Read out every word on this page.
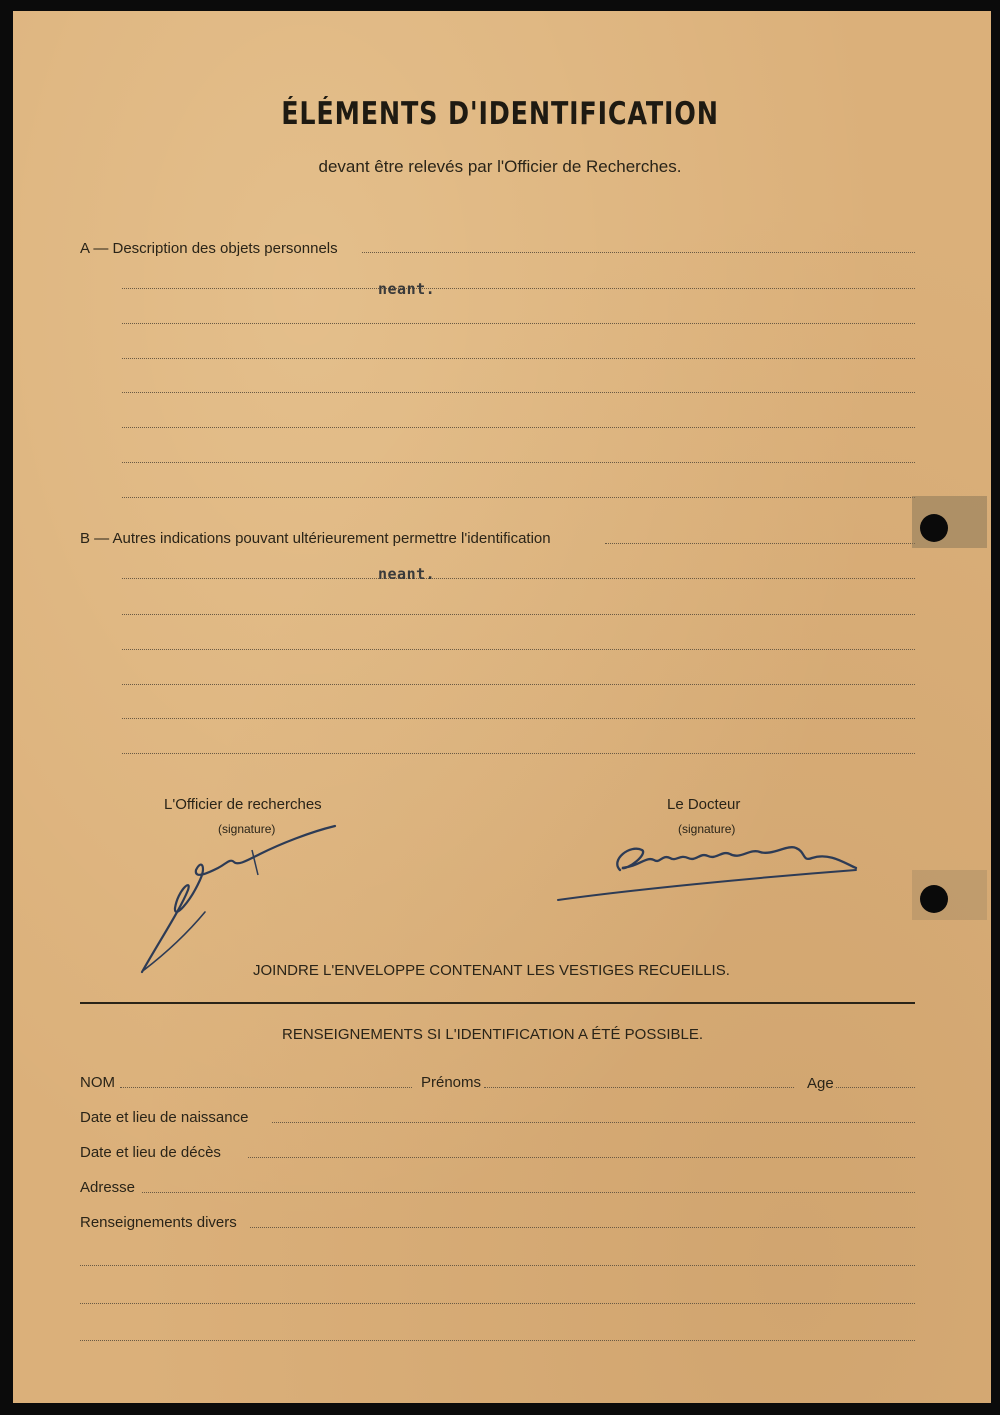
ÉLÉMENTS D'IDENTIFICATION
devant être relevés par l'Officier de Recherches.
A — Description des objets personnels
neant.
B — Autres indications pouvant ultérieurement permettre l'identification
neant.
L'Officier de recherches
(signature)
Le Docteur
(signature)
JOINDRE L'ENVELOPPE CONTENANT LES VESTIGES RECUEILLIS.
RENSEIGNEMENTS SI L'IDENTIFICATION A ÉTÉ POSSIBLE.
NOM	Prénoms	Age
Date et lieu de naissance
Date et lieu de décès
Adresse
Renseignements divers
